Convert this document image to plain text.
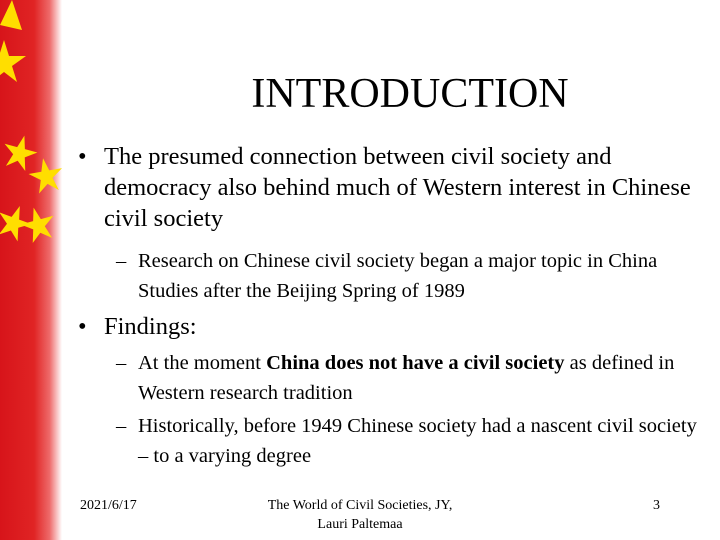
INTRODUCTION
• The presumed connection between civil society and democracy also behind much of Western interest in Chinese civil society
– Research on Chinese civil society began a major topic in China Studies after the Beijing Spring of 1989
• Findings:
– At the moment China does not have a civil society as defined in Western research tradition
– Historically, before 1949 Chinese society had a nascent civil society – to a varying degree
2021/6/17	The World of Civil Societies, JY, Lauri Paltemaa
3
